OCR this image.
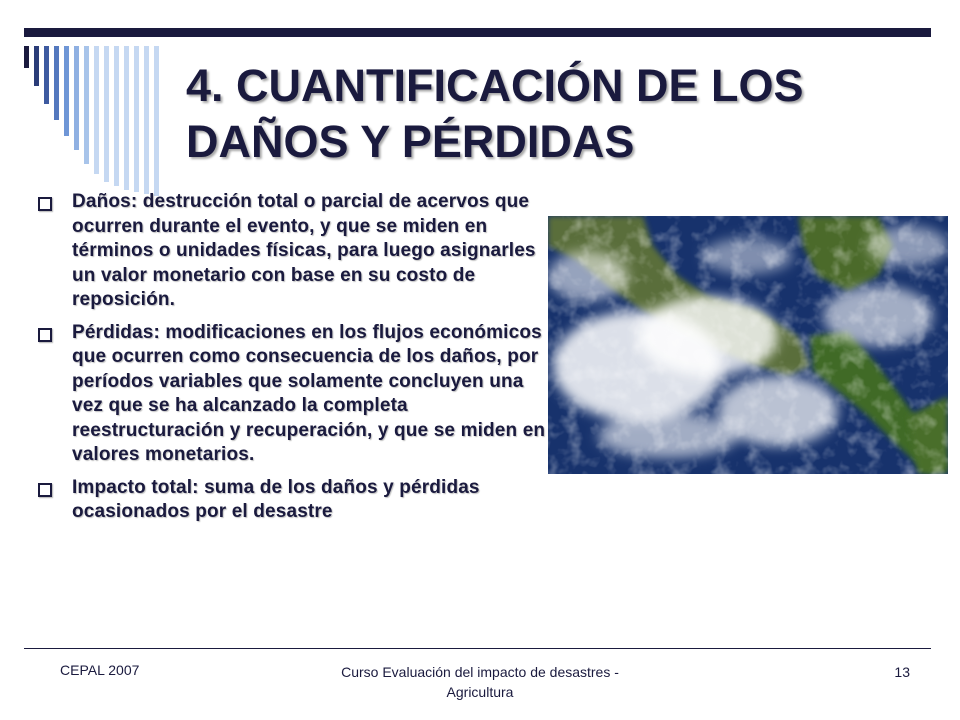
4. CUANTIFICACIÓN DE LOS
DAÑOS Y PÉRDIDAS
Daños: destrucción total o parcial de acervos que ocurren durante el evento, y que se miden en términos o unidades físicas, para luego asignarles un valor monetario con base en su costo de reposición.
Pérdidas: modificaciones en los flujos económicos que ocurren como consecuencia de los daños, por períodos variables que solamente concluyen una vez que se ha alcanzado la completa reestructuración y recuperación, y que se miden en valores monetarios.
Impacto total: suma de los daños y pérdidas ocasionados por el desastre
CEPAL 2007	Curso Evaluación del impacto de desastres - Agricultura
13
